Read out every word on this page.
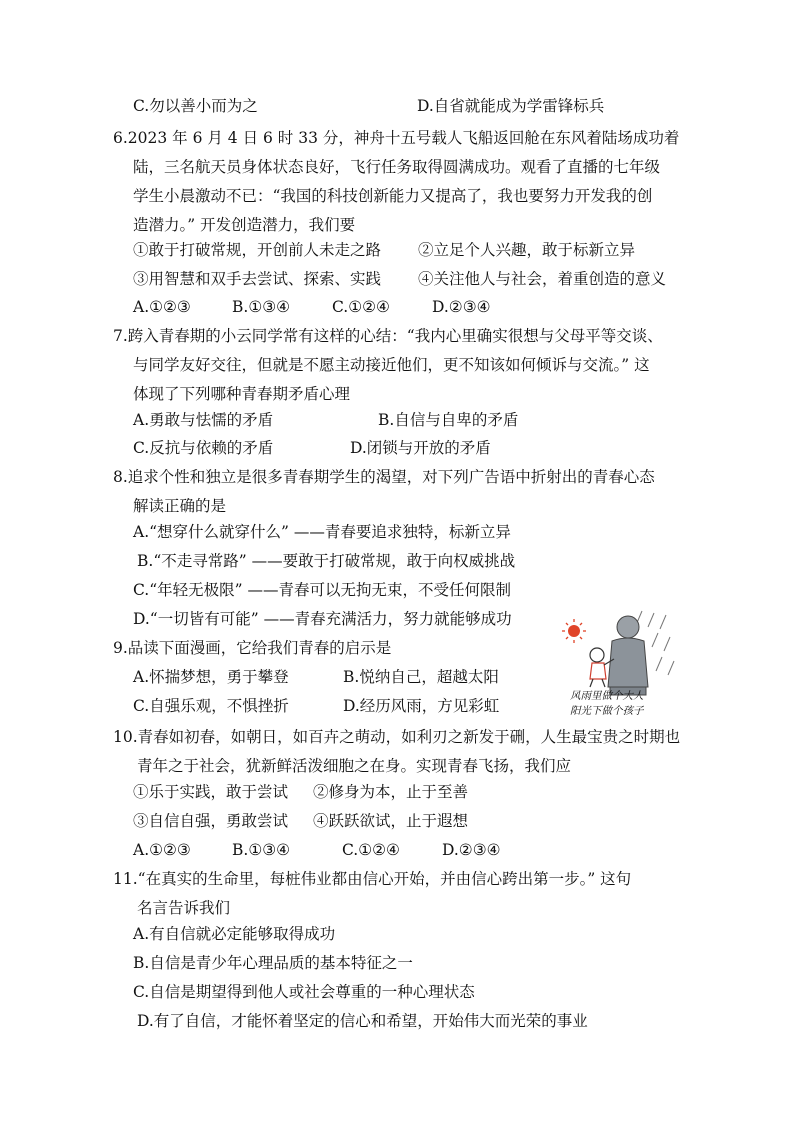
C.勿以善小而为之	D.自省就能成为学雷锋标兵
6.2023 年 6 月 4 日 6 时 33 分，神舟十五号载人飞船返回舱在东风着陆场成功着
陆，三名航天员身体状态良好，飞行任务取得圆满成功。观看了直播的七年级
学生小晨激动不已：“我国的科技创新能力又提高了，我也要努力开发我的创
造潜力。” 开发创造潜力，我们要
①敢于打破常规，开创前人未走之路 ②立足个人兴趣，敢于标新立异
③用智慧和双手去尝试、探索、实践 ④关注他人与社会，着重创造的意义
A.①②③	B.①③④	C.①②④	D.②③④
7.跨入青春期的小云同学常有这样的心结：“我内心里确实很想与父母平等交谈、
与同学友好交往，但就是不愿主动接近他们，更不知该如何倾诉与交流。” 这
体现了下列哪种青春期矛盾心理
A.勇敢与怯懦的矛盾	B.自信与自卑的矛盾
C.反抗与依赖的矛盾	D.闭锁与开放的矛盾
8.追求个性和独立是很多青春期学生的渴望，对下列广告语中折射出的青春心态
解读正确的是
A.“想穿什么就穿什么” ——青春要追求独特，标新立异
B.“不走寻常路” ——要敢于打破常规，敢于向权威挑战
C.“年轻无极限” ——青春可以无拘无束，不受任何限制
D.“一切皆有可能” ——青春充满活力，努力就能够成功
9.品读下面漫画，它给我们青春的启示是
A.怀揣梦想，勇于攀登	B.悦纳自己，超越太阳
C.自强乐观，不惧挫折	D.经历风雨，方见彩虹
风雨里做个大人
阳光下做个孩子
10.青春如初春，如朝日，如百卉之萌动，如利刃之新发于硎，人生最宝贵之时期也
青年之于社会，犹新鲜活泼细胞之在身。实现青春飞扬，我们应
①乐于实践，敢于尝试 ②修身为本，止于至善
③自信自强，勇敢尝试 ④跃跃欲试，止于遐想
A.①②③	B.①③④	C.①②④	D.②③④
11.“在真实的生命里，每桩伟业都由信心开始，并由信心跨出第一步。” 这句
名言告诉我们
A.有自信就必定能够取得成功
B.自信是青少年心理品质的基本特征之一
C.自信是期望得到他人或社会尊重的一种心理状态
D.有了自信，才能怀着坚定的信心和希望，开始伟大而光荣的事业
